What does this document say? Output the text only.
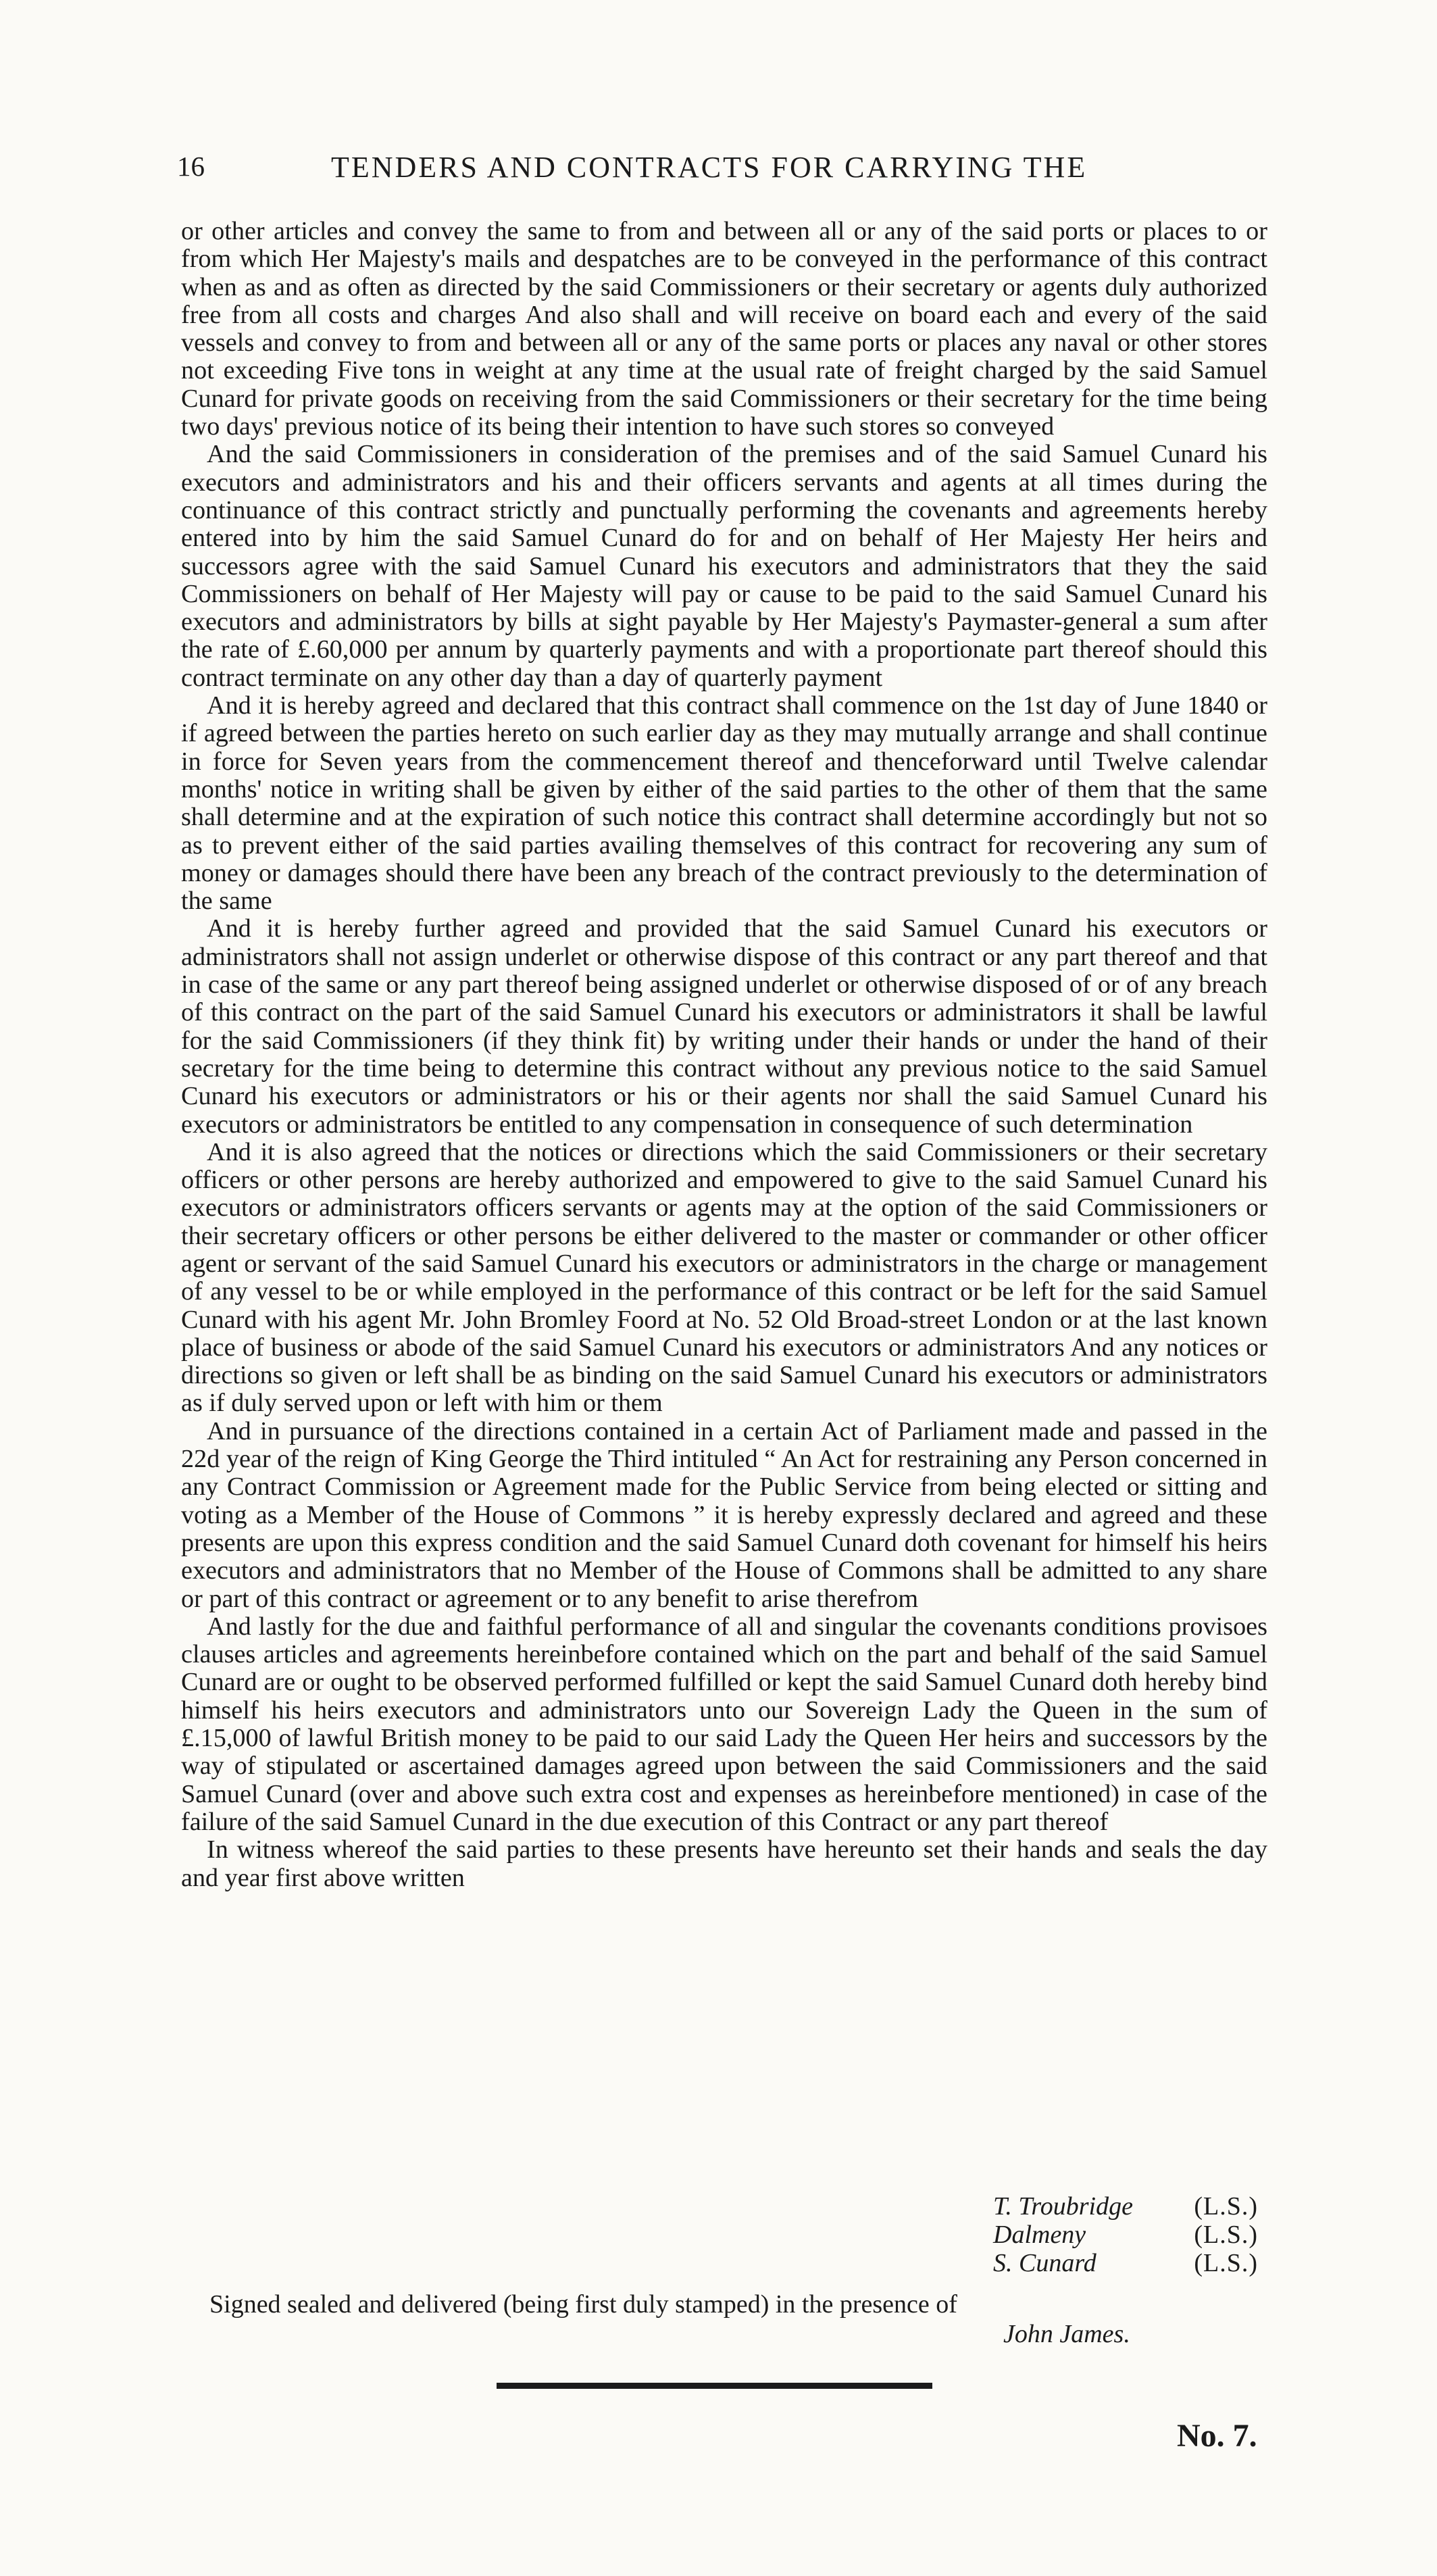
16	TENDERS AND CONTRACTS FOR CARRYING THE

or other articles and convey the same to from and between all or any of the said ports or places to or from which Her Majesty's mails and despatches are to be conveyed in the performance of this contract when as and as often as directed by the said Commissioners or their secretary or agents duly authorized free from all costs and charges And also shall and will receive on board each and every of the said vessels and convey to from and between all or any of the same ports or places any naval or other stores not exceeding Five tons in weight at any time at the usual rate of freight charged by the said Samuel Cunard for private goods on receiving from the said Commissioners or their secretary for the time being two days' previous notice of its being their intention to have such stores so conveyed

And the said Commissioners in consideration of the premises and of the said Samuel Cunard his executors and administrators and his and their officers servants and agents at all times during the continuance of this contract strictly and punctually performing the covenants and agreements hereby entered into by him the said Samuel Cunard do for and on behalf of Her Majesty Her heirs and successors agree with the said Samuel Cunard his executors and administrators that they the said Commissioners on behalf of Her Majesty will pay or cause to be paid to the said Samuel Cunard his executors and administrators by bills at sight payable by Her Majesty's Paymaster-general a sum after the rate of £.60,000 per annum by quarterly payments and with a proportionate part thereof should this contract terminate on any other day than a day of quarterly payment

And it is hereby agreed and declared that this contract shall commence on the 1st day of June 1840 or if agreed between the parties hereto on such earlier day as they may mutually arrange and shall continue in force for Seven years from the commencement thereof and thenceforward until Twelve calendar months' notice in writing shall be given by either of the said parties to the other of them that the same shall determine and at the expiration of such notice this contract shall determine accordingly but not so as to prevent either of the said parties availing themselves of this contract for recovering any sum of money or damages should there have been any breach of the contract previously to the determination of the same

And it is hereby further agreed and provided that the said Samuel Cunard his executors or administrators shall not assign underlet or otherwise dispose of this contract or any part thereof and that in case of the same or any part thereof being assigned underlet or otherwise disposed of or of any breach of this contract on the part of the said Samuel Cunard his executors or administrators it shall be lawful for the said Commissioners (if they think fit) by writing under their hands or under the hand of their secretary for the time being to determine this contract without any previous notice to the said Samuel Cunard his executors or administrators or his or their agents nor shall the said Samuel Cunard his executors or administrators be entitled to any compensation in consequence of such determination

And it is also agreed that the notices or directions which the said Commissioners or their secretary officers or other persons are hereby authorized and empowered to give to the said Samuel Cunard his executors or administrators officers servants or agents may at the option of the said Commissioners or their secretary officers or other persons be either delivered to the master or commander or other officer agent or servant of the said Samuel Cunard his executors or administrators in the charge or management of any vessel to be or while employed in the performance of this contract or be left for the said Samuel Cunard with his agent Mr. John Bromley Foord at No. 52 Old Broad-street London or at the last known place of business or abode of the said Samuel Cunard his executors or administrators And any notices or directions so given or left shall be as binding on the said Samuel Cunard his executors or administrators as if duly served upon or left with him or them

And in pursuance of the directions contained in a certain Act of Parliament made and passed in the 22d year of the reign of King George the Third intituled “ An Act for restraining any Person concerned in any Contract Commission or Agreement made for the Public Service from being elected or sitting and voting as a Member of the House of Commons ” it is hereby expressly declared and agreed and these presents are upon this express condition and the said Samuel Cunard doth covenant for himself his heirs executors and administrators that no Member of the House of Commons shall be admitted to any share or part of this contract or agreement or to any benefit to arise therefrom

And lastly for the due and faithful performance of all and singular the covenants conditions provisoes clauses articles and agreements hereinbefore contained which on the part and behalf of the said Samuel Cunard are or ought to be observed performed fulfilled or kept the said Samuel Cunard doth hereby bind himself his heirs executors and administrators unto our Sovereign Lady the Queen in the sum of £.15,000 of lawful British money to be paid to our said Lady the Queen Her heirs and successors by the way of stipulated or ascertained damages agreed upon between the said Commissioners and the said Samuel Cunard (over and above such extra cost and expenses as hereinbefore mentioned) in case of the failure of the said Samuel Cunard in the due execution of this Contract or any part thereof

In witness whereof the said parties to these presents have hereunto set their hands and seals the day and year first above written

T. Troubridge (L.S.)
Dalmeny	(L.S.)
S. Cunard	(L.S.)
Signed sealed and delivered (being first duly stamped) in the presence of
John James.
No. 7.
